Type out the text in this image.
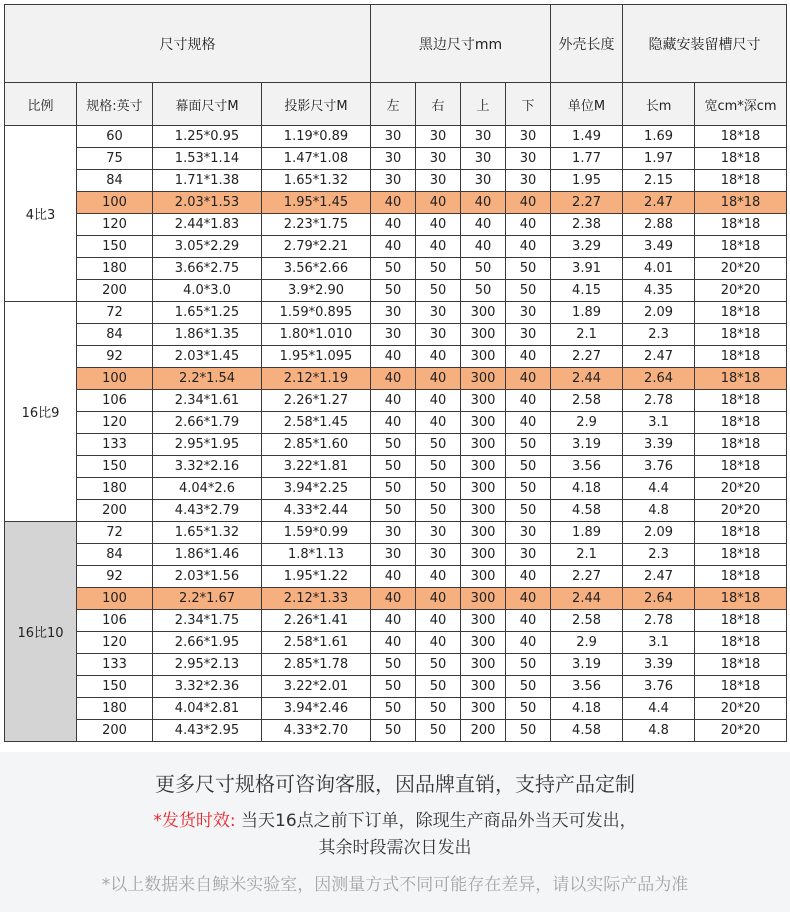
尺寸规格				黑边尺寸mm				外壳长度	隐藏安装留槽尺寸	
比例	规格:英寸	幕面尺寸M	投影尺寸M	左	右	上	下	单位M	长m	宽cm*深cm
4比3	60	1.25*0.95	1.19*0.89	30	30	30	30	1.49	1.69	18*18
	75	1.53*1.14	1.47*1.08	30	30	30	30	1.77	1.97	18*18
	84	1.71*1.38	1.65*1.32	30	30	30	30	1.95	2.15	18*18
	100	2.03*1.53	1.95*1.45	40	40	40	40	2.27	2.47	18*18
	120	2.44*1.83	2.23*1.75	40	40	40	40	2.38	2.88	18*18
	150	3.05*2.29	2.79*2.21	40	40	40	40	3.29	3.49	18*18
	180	3.66*2.75	3.56*2.66	50	50	50	50	3.91	4.01	20*20
	200	4.0*3.0	3.9*2.90	50	50	50	50	4.15	4.35	20*20
16比9	72	1.65*1.25	1.59*0.895	30	30	300	30	1.89	2.09	18*18
	84	1.86*1.35	1.80*1.010	30	30	300	30	2.1	2.3	18*18
	92	2.03*1.45	1.95*1.095	40	40	300	40	2.27	2.47	18*18
	100	2.2*1.54	2.12*1.19	40	40	300	40	2.44	2.64	18*18
	106	2.34*1.61	2.26*1.27	40	40	300	40	2.58	2.78	18*18
	120	2.66*1.79	2.58*1.45	40	40	300	40	2.9	3.1	18*18
	133	2.95*1.95	2.85*1.60	50	50	300	50	3.19	3.39	18*18
	150	3.32*2.16	3.22*1.81	50	50	300	50	3.56	3.76	18*18
	180	4.04*2.6	3.94*2.25	50	50	300	50	4.18	4.4	20*20
	200	4.43*2.79	4.33*2.44	50	50	300	50	4.58	4.8	20*20
16比10	72	1.65*1.32	1.59*0.99	30	30	300	30	1.89	2.09	18*18
	84	1.86*1.46	1.8*1.13	30	30	300	30	2.1	2.3	18*18
	92	2.03*1.56	1.95*1.22	40	40	300	40	2.27	2.47	18*18
	100	2.2*1.67	2.12*1.33	40	40	300	40	2.44	2.64	18*18
	106	2.34*1.75	2.26*1.41	40	40	300	40	2.58	2.78	18*18
	120	2.66*1.95	2.58*1.61	40	40	300	40	2.9	3.1	18*18
	133	2.95*2.13	2.85*1.78	50	50	300	50	3.19	3.39	18*18
	150	3.32*2.36	3.22*2.01	50	50	300	50	3.56	3.76	18*18
	180	4.04*2.81	3.94*2.46	50	50	300	50	4.18	4.4	20*20
	200	4.43*2.95	4.33*2.70	50	50	200	50	4.58	4.8	20*20
更多尺寸规格可咨询客服，因品牌直销，支持产品定制
*发货时效: 当天16点之前下订单，除现生产商品外当天可发出，
其余时段需次日发出
*以上数据来自鲸米实验室，因测量方式不同可能存在差异，请以实际产品为准
